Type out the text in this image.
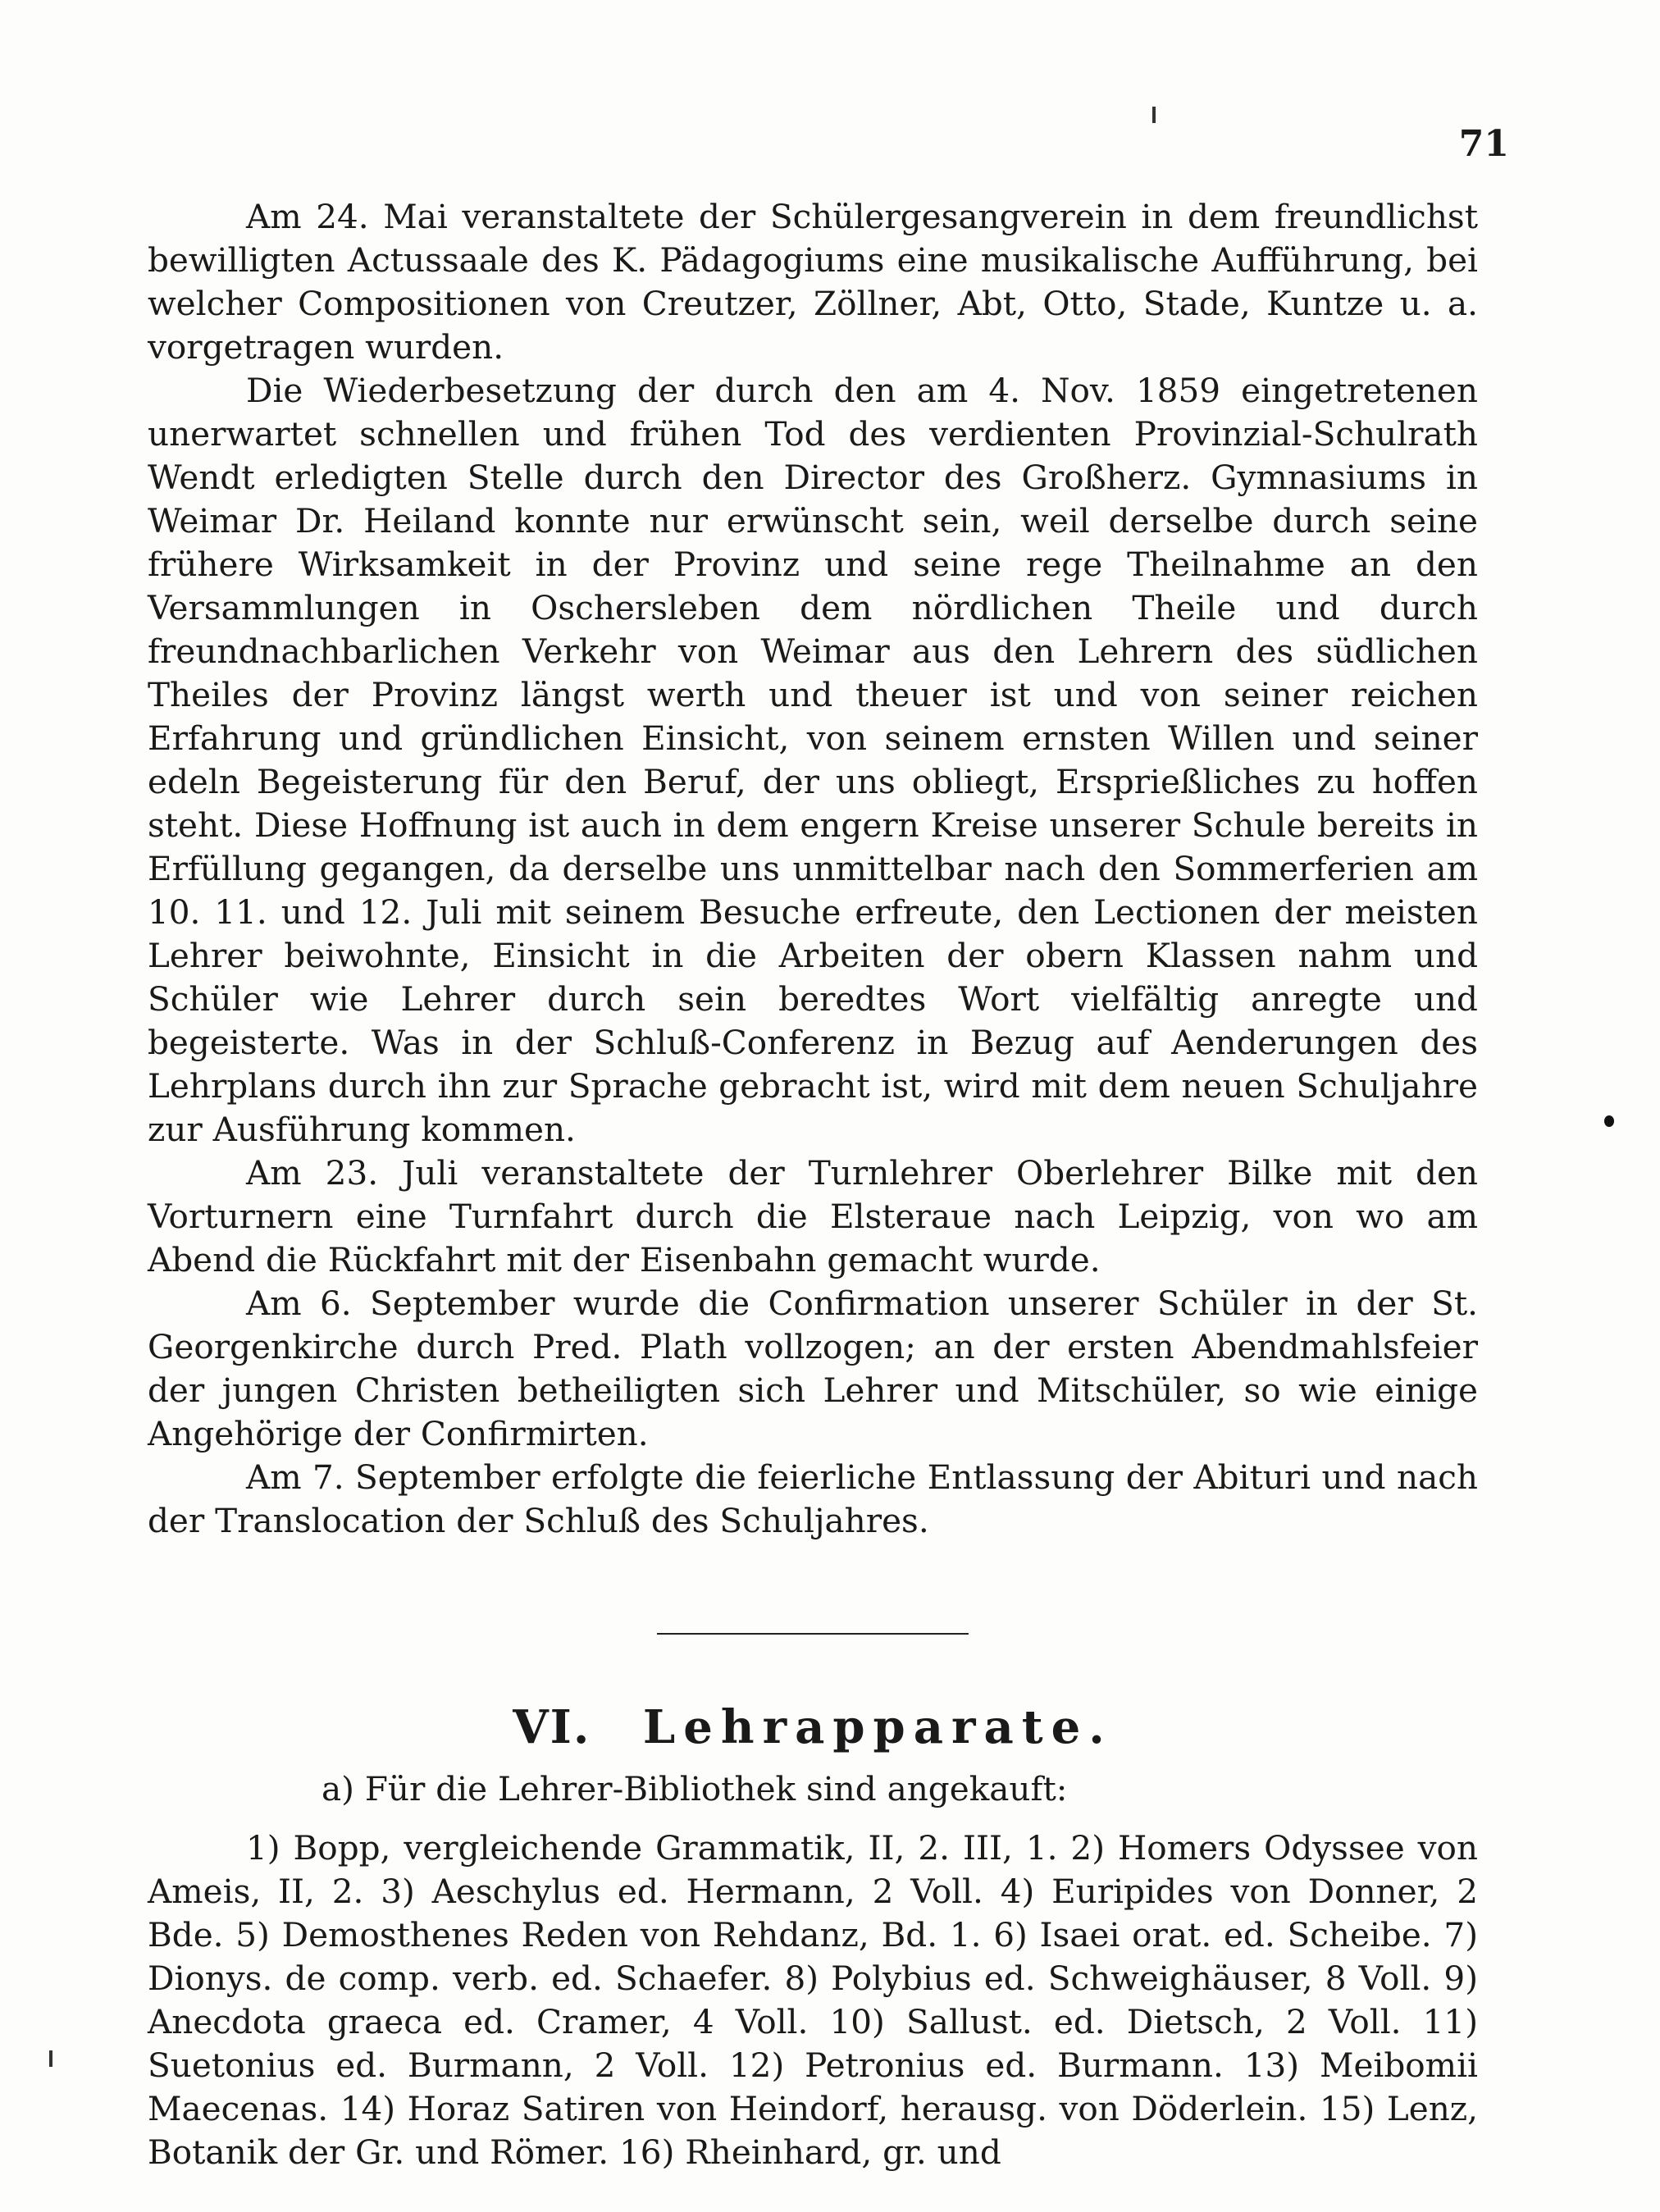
71

Am 24. Mai veranstaltete der Schülergesangverein in dem freundlichst bewilligten Actussaale des K. Pädagogiums eine musikalische Aufführung, bei welcher Compositionen von Creutzer, Zöllner, Abt, Otto, Stade, Kuntze u. a. vorgetragen wurden.

Die Wiederbesetzung der durch den am 4. Nov. 1859 eingetretenen unerwartet schnellen und frühen Tod des verdienten Provinzial-Schulrath Wendt erledigten Stelle durch den Director des Großherz. Gymnasiums in Weimar Dr. Heiland konnte nur erwünscht sein, weil derselbe durch seine frühere Wirksamkeit in der Provinz und seine rege Theilnahme an den Versammlungen in Oschersleben dem nördlichen Theile und durch freundnachbarlichen Verkehr von Weimar aus den Lehrern des südlichen Theiles der Provinz längst werth und theuer ist und von seiner reichen Erfahrung und gründlichen Einsicht, von seinem ernsten Willen und seiner edeln Begeisterung für den Beruf, der uns obliegt, Ersprießliches zu hoffen steht. Diese Hoffnung ist auch in dem engern Kreise unserer Schule bereits in Erfüllung gegangen, da derselbe uns unmittelbar nach den Sommerferien am 10. 11. und 12. Juli mit seinem Besuche erfreute, den Lectionen der meisten Lehrer beiwohnte, Einsicht in die Arbeiten der obern Klassen nahm und Schüler wie Lehrer durch sein beredtes Wort vielfältig anregte und begeisterte. Was in der Schluß-Conferenz in Bezug auf Aenderungen des Lehrplans durch ihn zur Sprache gebracht ist, wird mit dem neuen Schuljahre zur Ausführung kommen.

Am 23. Juli veranstaltete der Turnlehrer Oberlehrer Bilke mit den Vorturnern eine Turnfahrt durch die Elsteraue nach Leipzig, von wo am Abend die Rückfahrt mit der Eisenbahn gemacht wurde.

Am 6. September wurde die Confirmation unserer Schüler in der St. Georgenkirche durch Pred. Plath vollzogen; an der ersten Abendmahlsfeier der jungen Christen betheiligten sich Lehrer und Mitschüler, so wie einige Angehörige der Confirmirten.

Am 7. September erfolgte die feierliche Entlassung der Abituri und nach der Translocation der Schluß des Schuljahres.

VI. Lehrapparate.
a) Für die Lehrer-Bibliothek sind angekauft:

1) Bopp, vergleichende Grammatik, II, 2. III, 1. 2) Homers Odyssee von Ameis, II, 2. 3) Aeschylus ed. Hermann, 2 Voll. 4) Euripides von Donner, 2 Bde. 5) Demosthenes Reden von Rehdanz, Bd. 1. 6) Isaei orat. ed. Scheibe. 7) Dionys. de comp. verb. ed. Schaefer. 8) Polybius ed. Schweighäuser, 8 Voll. 9) Anecdota graeca ed. Cramer, 4 Voll. 10) Sallust. ed. Dietsch, 2 Voll. 11) Suetonius ed. Burmann, 2 Voll. 12) Petronius ed. Burmann. 13) Meibomii Maecenas. 14) Horaz Satiren von Heindorf, herausg. von Döderlein. 15) Lenz, Botanik der Gr. und Römer. 16) Rheinhard, gr. und
